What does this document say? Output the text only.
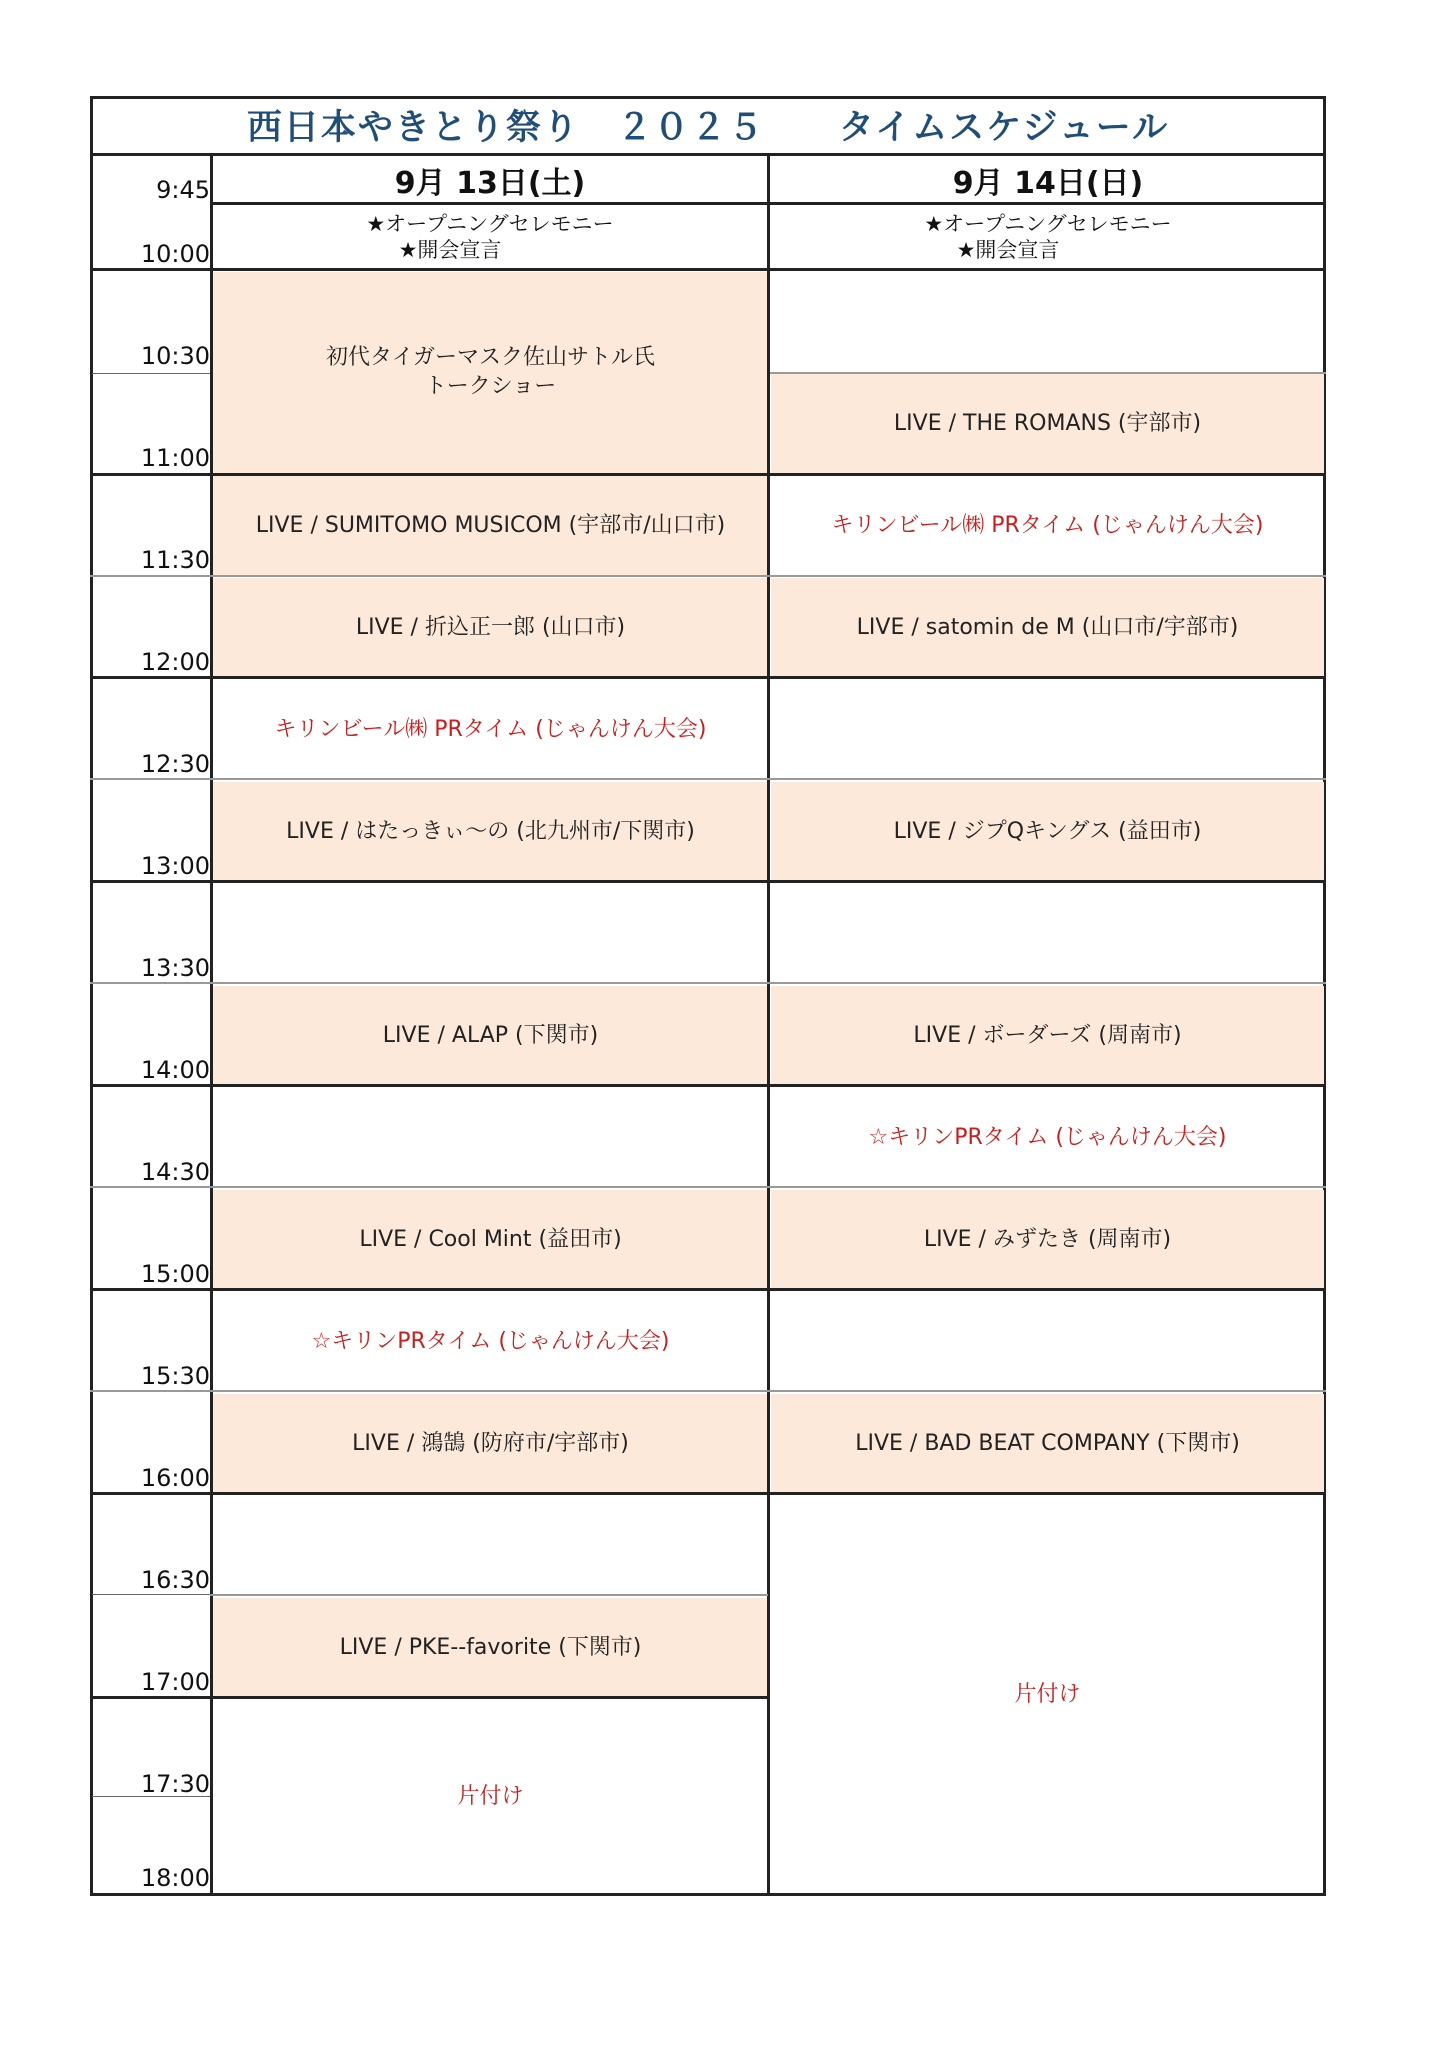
西日本やきとり祭り　２０２５　　タイムスケジュール
初代タイガーマスク佐山サトル氏
トークショー
LIVE / SUMITOMO MUSICOM (宇部市/山口市)
LIVE / 折込正一郎 (山口市)
キリンビール㈱ PRタイム (じゃんけん大会)
LIVE / はたっきぃ～の (北九州市/下関市)
LIVE / ALAP (下関市)
LIVE / Cool Mint (益田市)
☆キリンPRタイム (じゃんけん大会)
LIVE / 鴻鵠 (防府市/宇部市)
LIVE / PKE--favorite (下関市)
片付け
LIVE / THE ROMANS (宇部市)
キリンビール㈱ PRタイム (じゃんけん大会)
LIVE / satomin de M (山口市/宇部市)
LIVE / ジプQキングス (益田市)
LIVE / ボーダーズ (周南市)
☆キリンPRタイム (じゃんけん大会)
LIVE / みずたき (周南市)
LIVE / BAD BEAT COMPANY (下関市)
片付け
9月 13日(土)	9月 14日(日)
★オープニングセレモニー
★開会宣言
★オープニングセレモニー
★開会宣言
9:45
10:00
10:30
11:00
11:30
12:00
12:30
13:00
13:30
14:00
14:30
15:00
15:30
16:00
16:30
17:00
17:30
18:00
